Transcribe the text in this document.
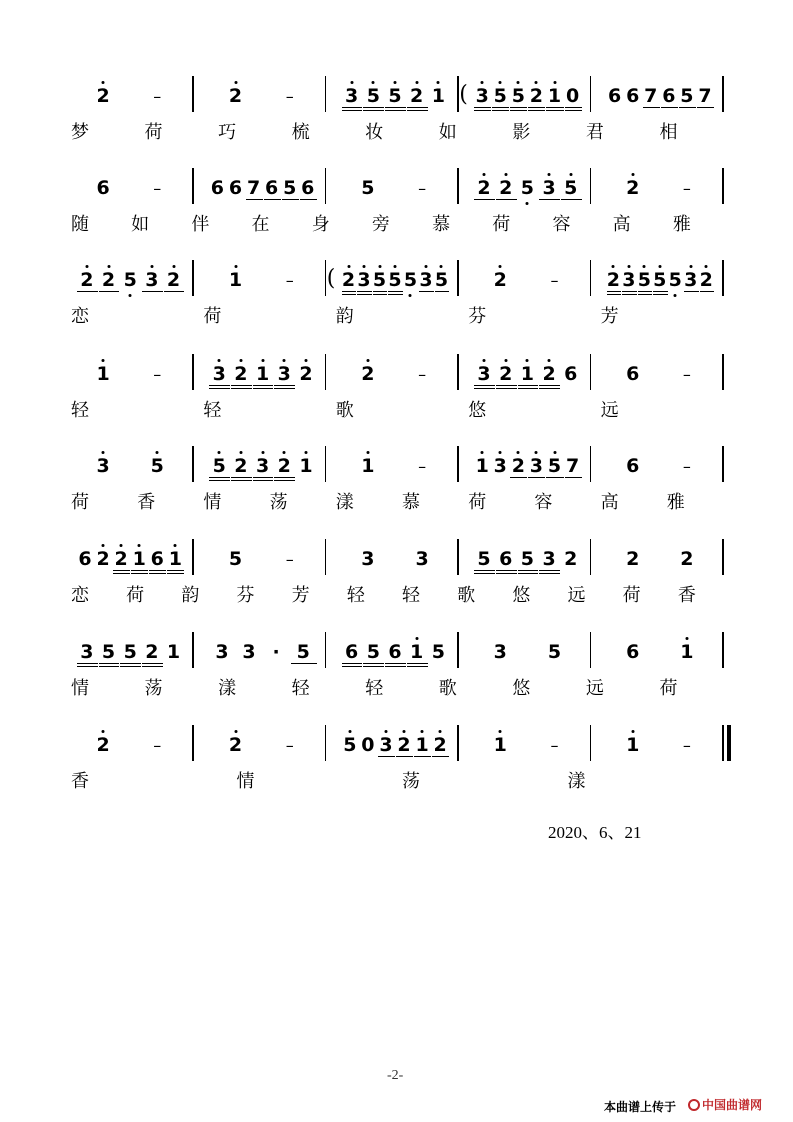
2	–	2	–	3 5 5 2 1 ( 3 5 5 2 1 0 6 6 7 6 5 7
梦	荷	巧	梳	妆	如	影	君	相
6	–	6 6 7 6 5 6 5	–	2 2 5 3 5	2	–
随 如 伴 在 身 旁 慕 荷 容 高 雅
2 2 5 3 2	1	– ( 2 3 5 5 5 3 5 2	–	2 3 5 5 5 3 2
恋	荷	韵	芬	芳
1	–	3 2 1 3 2	2	–	3 2 1 2 6	6	–
轻	轻	歌	悠	远
3 5	5 2 3 2 1	1	–	1 3 2 3 5 7 6	–
荷	香	情	荡	漾	慕	荷	容	高	雅
6 2 2 1 6 1 5	–	3 3	5 6 5 3 2	2 2
恋 荷 韵 芬 芳 轻 轻 歌 悠 远 荷 香
3 5 5 2 1 3 3 · 5 6 5 6 1 5	3 5	6 1
情	荡	漾	轻	轻	歌	悠	远	荷
2	–	2	–	5 0 3 2 1 2 1	–	1	–
香	情	荡	漾
2020、6、21
-2-
本曲谱上传于 中国曲谱网
